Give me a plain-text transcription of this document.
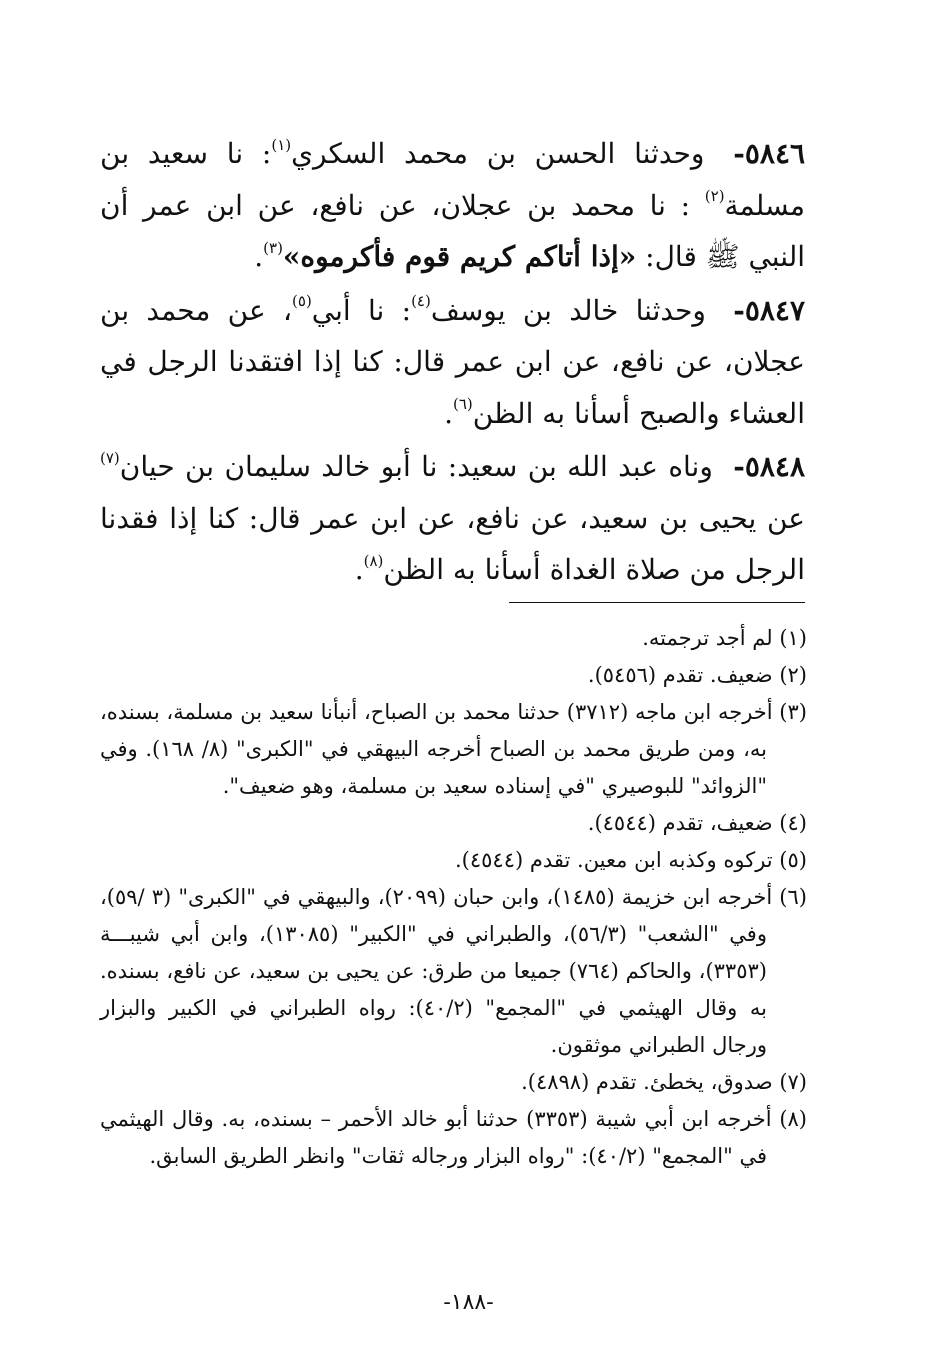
٥٨٤٦- وحدثنا الحسن بن محمد السكري$^{(١)}$: نا سعيد بن مسلمة$^{(٢)}$ : نا محمد بن عجلان، عن نافع، عن ابن عمر أن النبي ﷺ قال: «إذا أتاكم كريم قوم فأكرموه»$^{(٣)}$.

٥٨٤٧- وحدثنا خالد بن يوسف$^{(٤)}$: نا أبي$^{(٥)}$، عن محمد بن عجلان، عن نافع، عن ابن عمر قال: كنا إذا افتقدنا الرجل في العشاء والصبح أسأنا به الظن$^{(٦)}$.

٥٨٤٨- وناه عبد الله بن سعيد: نا أبو خالد سليمان بن حيان$^{(٧)}$ عن يحيى بن سعيد، عن نافع، عن ابن عمر قال: كنا إذا فقدنا الرجل من صلاة الغداة أسأنا به الظن$^{(٨)}$.

(١) لم أجد ترجمته.

(٢) ضعيف. تقدم (٥٤٥٦).

(٣) أخرجه ابن ماجه (٣٧١٢) حدثنا محمد بن الصباح، أنبأنا سعيد بن مسلمة، بسنده، به، ومن طريق محمد بن الصباح أخرجه البيهقي في "الكبرى" (٨/ ١٦٨). وفي "الزوائد" للبوصيري "في إسناده سعيد بن مسلمة، وهو ضعيف".

(٤) ضعيف، تقدم (٤٥٤٤).

(٥) تركوه وكذبه ابن معين. تقدم (٤٥٤٤).

(٦) أخرجه ابن خزيمة (١٤٨٥)، وابن حبان (٢٠٩٩)، والبيهقي في "الكبرى" (٣ /٥٩)، وفي "الشعب" (٥٦/٣)، والطبراني في "الكبير" (١٣٠٨٥)، وابن أبي شيبـــة (٣٣٥٣)، والحاكم (٧٦٤) جميعا من طرق: عن يحيى بن سعيد، عن نافع، بسنده. به وقال الهيثمي في "المجمع" (٤٠/٢): رواه الطبراني في الكبير والبزار ورجال الطبراني موثقون.

(٧) صدوق، يخطئ. تقدم (٤٨٩٨).

(٨) أخرجه ابن أبي شيبة (٣٣٥٣) حدثنا أبو خالد الأحمر – بسنده، به. وقال الهيثمي في "المجمع" (٤٠/٢): "رواه البزار ورجاله ثقات" وانظر الطريق السابق.

-١٨٨-
